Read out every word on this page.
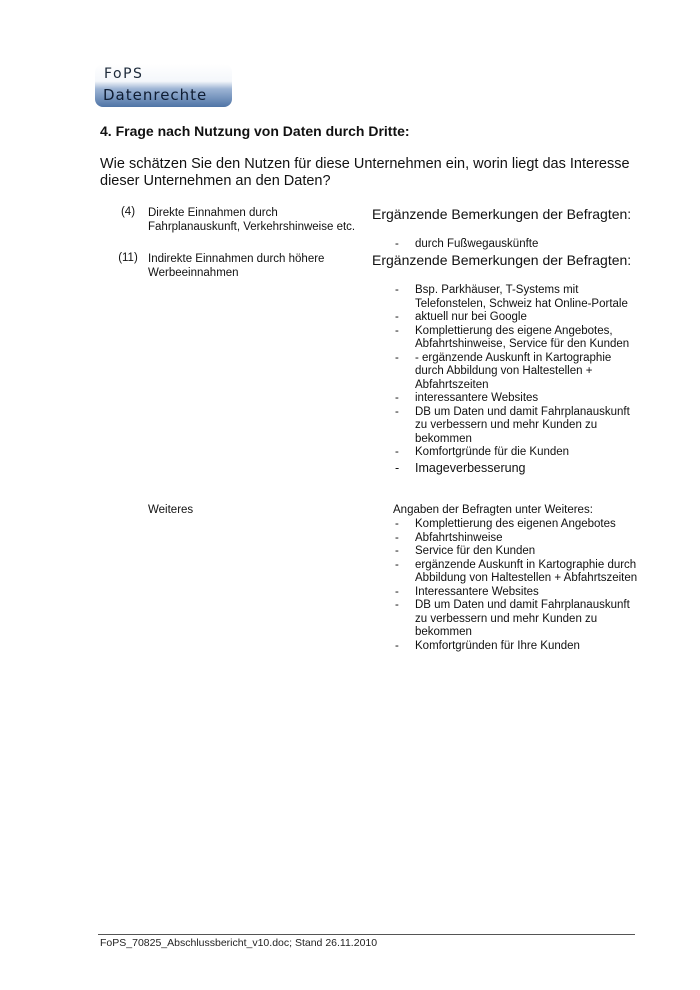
FoPS
Datenrechte
4. Frage nach Nutzung von Daten durch Dritte:

Wie schätzen Sie den Nutzen für diese Unternehmen ein, worin liegt das Interesse dieser Unternehmen an den Daten?

(4)	Direkte Einnahmen durch Fahrplanauskunft, Verkehrshinweise etc.
Ergänzende Bemerkungen der Befragten:
- durch Fußwegauskünfte
(11) Indirekte Einnahmen durch höhere Werbeeinnahmen
Ergänzende Bemerkungen der Befragten:
- Bsp. Parkhäuser, T-Systems mit Telefonstelen, Schweiz hat Online-Portale
- aktuell nur bei Google
- Komplettierung des eigene Angebotes, Abfahrtshinweise, Service für den Kunden
- - ergänzende Auskunft in Kartographie durch Abbildung von Haltestellen + Abfahrtszeiten
- interessantere Websites
- DB um Daten und damit Fahrplanauskunft zu verbessern und mehr Kunden zu bekommen
- Komfortgründe für die Kunden
- Imageverbesserung
Weiteres	Angaben der Befragten unter Weiteres:
- Komplettierung des eigenen Angebotes
- Abfahrtshinweise
- Service für den Kunden
- ergänzende Auskunft in Kartographie durch Abbildung von Haltestellen + Abfahrtszeiten
- Interessantere Websites
- DB um Daten und damit Fahrplanauskunft zu verbessern und mehr Kunden zu bekommen
- Komfortgründen für Ihre Kunden
FoPS_70825_Abschlussbericht_v10.doc; Stand 26.11.2010
